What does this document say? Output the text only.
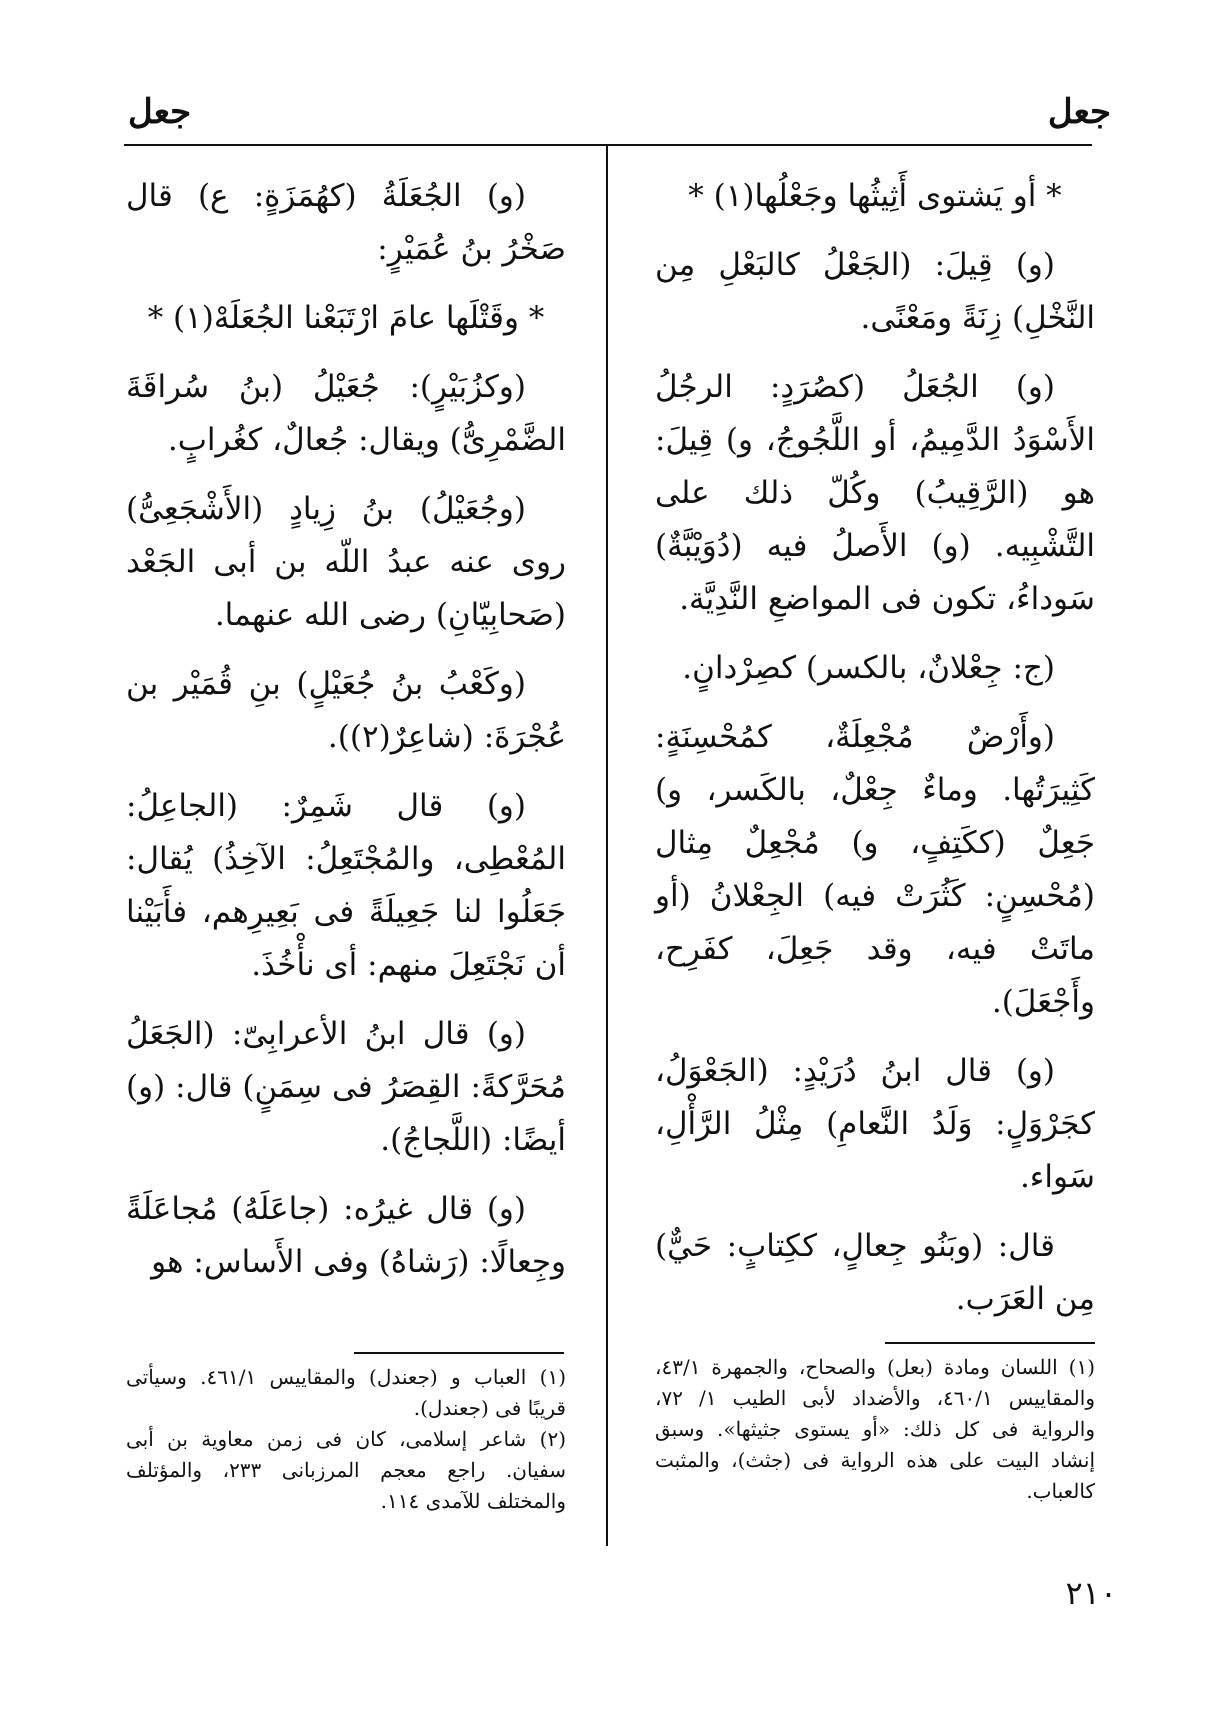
جعل
جعل

* أو يَشتوى أَثِيثُها وجَعْلُها(١) *

(و) قِيلَ: (الجَعْلُ كالبَعْلِ مِن النَّخْلِ) زِنَةً ومَعْنًى.

(و) الجُعَلُ (كصُرَدٍ: الرجُلُ الأَسْوَدُ الدَّمِيمُ، أو اللَّجُوجُ، و) قِيلَ: هو (الرَّقِيبُ) وكُلّ ذلك على التَّشْبِيه. (و) الأَصلُ فيه (دُوَيْبَّةٌ) سَوداءُ، تكون فى المواضعِ النَّدِيَّة.

(ج: جِعْلانٌ، بالكسر) كصِرْدانٍ.

(وأَرْضٌ مُجْعِلَةٌ، كمُحْسِنَةٍ: كَثِيرَتُها. وماءٌ جِعْلٌ، بالكَسر، و) جَعِلٌ (ككَتِفٍ، و) مُجْعِلٌ مِثال (مُحْسِنٍ: كَثُرَتْ فيه) الجِعْلانُ (أو ماتَتْ فيه، وقد جَعِلَ، كفَرِح، وأَجْعَلَ).

(و) قال ابنُ دُرَيْدٍ: (الجَعْوَلُ، كجَرْوَلٍ: وَلَدُ النَّعامِ) مِثْلُ الرَّأْلِ، سَواء.

قال: (وبَنُو جِعالٍ، ككِتابٍ: حَيٌّ) مِن العَرَب.

(و) الجُعَلَةُ (كهُمَزَةٍ: ع) قال صَخْرُ بنُ عُمَيْرٍ:

* وقَتْلَها عامَ ارْتَبَعْنا الجُعَلَهْ(١) *

(وكزُبَيْرٍ): جُعَيْلُ (بنُ سُراقَةَ الضَّمْرِىُّ) ويقال: جُعالٌ، كغُرابٍ.

(وجُعَيْلُ) بنُ زِيادٍ (الأَشْجَعِىُّ) روى عنه عبدُ اللّه بن أبى الجَعْد (صَحابِيّانِ) رضى الله عنهما.

(وكَعْبُ بنُ جُعَيْلٍ) بنِ قُمَيْر بن عُجْرَةَ: (شاعِرٌ(٢)).

(و) قال شَمِرٌ: (الجاعِلُ: المُعْطِى، والمُجْتَعِلُ: الآخِذُ) يُقال: جَعَلُوا لنا جَعِيلَةً فى بَعِيرِهم، فأَبَيْنا أن نَجْتَعِلَ منهم: أى نأْخُذَ.

(و) قال ابنُ الأعرابِىّ: (الجَعَلُ مُحَرَّكةً: القِصَرُ فى سِمَنٍ) قال: (و) أيضًا: (اللَّجاجُ).

(و) قال غيرُه: (جاعَلَهُ) مُجاعَلَةً وجِعالًا: (رَشاهُ) وفى الأَساس: هو

(١) اللسان ومادة (بعل) والصحاح، والجمهرة ٤٣/١، والمقاييس ٤٦٠/١، والأضداد لأبى الطيب ١/ ٧٢، والرواية فى كل ذلك: «أو يستوى جثيثها». وسبق إنشاد البيت على هذه الرواية فى (جثث)، والمثبت كالعباب.

(١) العباب و (جعندل) والمقاييس ٤٦١/١. وسيأتى قريبًا فى (جعندل).

(٢) شاعر إسلامى، كان فى زمن معاوية بن أبى سفيان. راجع معجم المرزبانى ٢٣٣، والمؤتلف والمختلف للآمدى ١١٤.

٢١٠
